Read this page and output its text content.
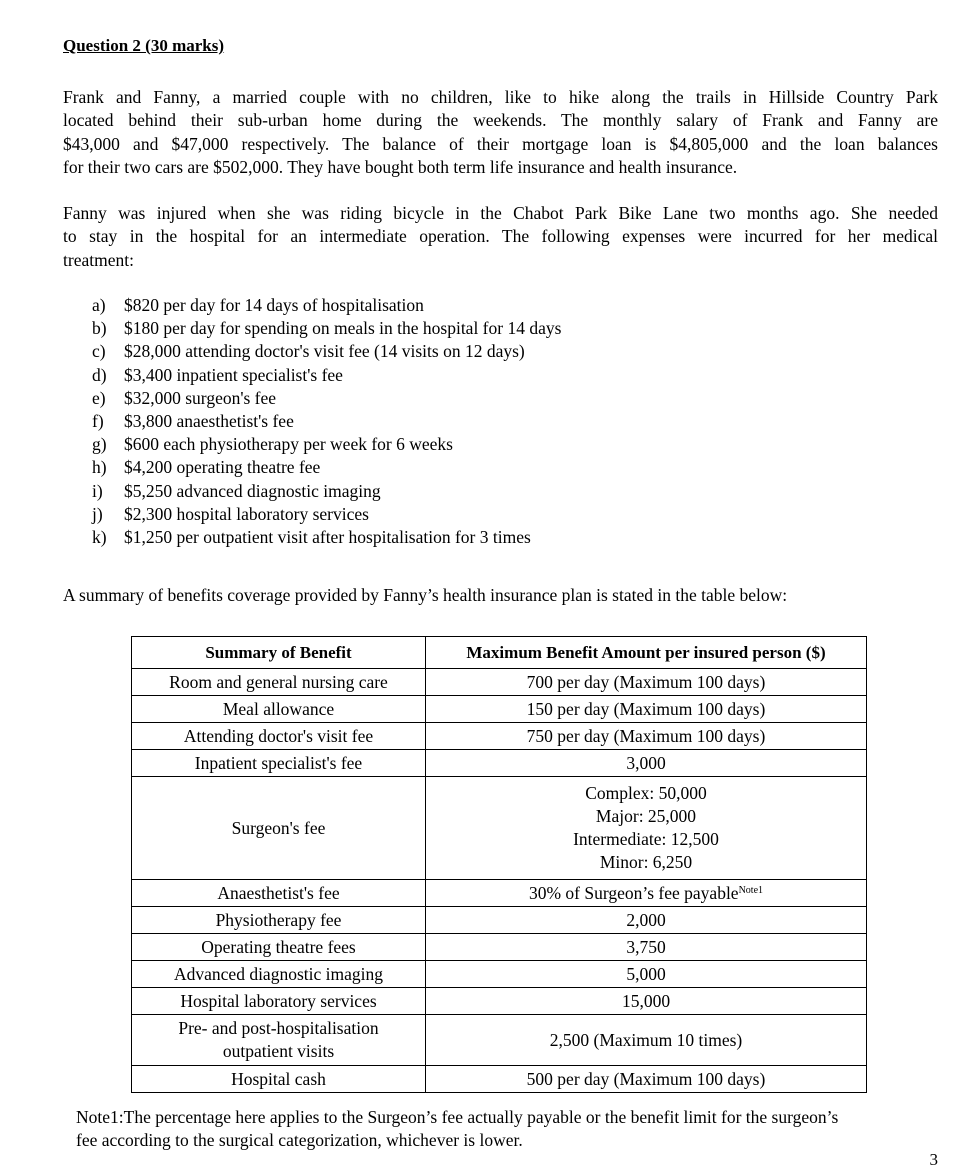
Question 2 (30 marks)

Frank and Fanny, a married couple with no children, like to hike along the trails in Hillside Country Park
located behind their sub-urban home during the weekends. The monthly salary of Frank and Fanny are
$43,000 and $47,000 respectively. The balance of their mortgage loan is $4,805,000 and the loan balances
for their two cars are $502,000. They have bought both term life insurance and health insurance.

Fanny was injured when she was riding bicycle in the Chabot Park Bike Lane two months ago. She needed
to stay in the hospital for an intermediate operation. The following expenses were incurred for her medical
treatment:

a) $820 per day for 14 days of hospitalisation
b) $180 per day for spending on meals in the hospital for 14 days
c) $28,000 attending doctor's visit fee (14 visits on 12 days)
d) $3,400 inpatient specialist's fee
e) $32,000 surgeon's fee
f) $3,800 anaesthetist's fee
g) $600 each physiotherapy per week for 6 weeks
h) $4,200 operating theatre fee
i) $5,250 advanced diagnostic imaging
j) $2,300 hospital laboratory services
k) $1,250 per outpatient visit after hospitalisation for 3 times

A summary of benefits coverage provided by Fanny’s health insurance plan is stated in the table below:

Summary of Benefit	Maximum Benefit Amount per insured person ($)
Room and general nursing care	700 per day (Maximum 100 days)
Meal allowance	150 per day (Maximum 100 days)
Attending doctor's visit fee	750 per day (Maximum 100 days)
Inpatient specialist's fee	3,000
Surgeon's fee	Complex: 50,000
Major: 25,000
Intermediate: 12,500
Minor: 6,250

Anaesthetist's fee	30% of Surgeon’s fee payable$^{Note1}$
Physiotherapy fee	2,000
Operating theatre fees	3,750
Advanced diagnostic imaging	5,000
Hospital laboratory services	15,000

Pre- and post-hospitalisation
outpatient visits	2,500 (Maximum 10 times)
Hospital cash	500 per day (Maximum 100 days)

Note1:The percentage here applies to the Surgeon’s fee actually payable or the benefit limit for the surgeon’s
fee according to the surgical categorization, whichever is lower.

3
